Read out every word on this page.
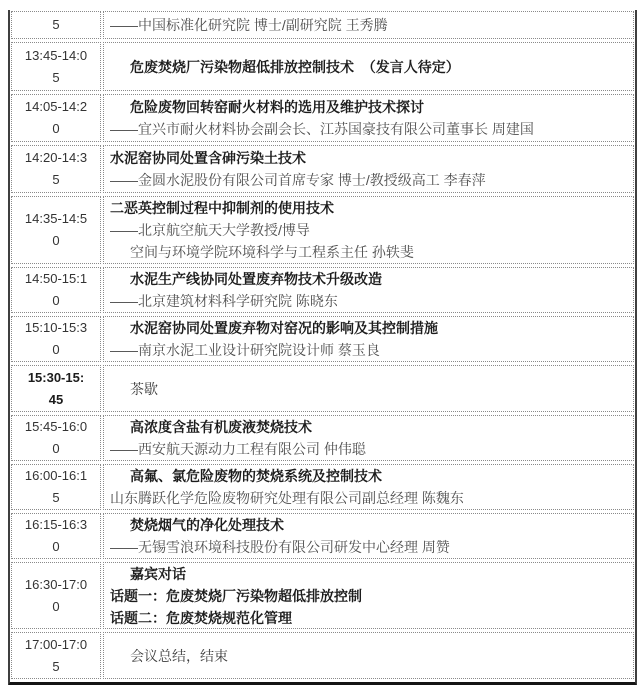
5	——中国标准化研究院 博士/副研究院 王秀腾
13:45-14:0
5
危废焚烧厂污染物超低排放控制技术  （发言人待定）
14:05-14:2
0
危险废物回转窑耐火材料的选用及维护技术探讨
——宜兴市耐火材料协会副会长、江苏国豪技有限公司董事长 周建国
14:20-14:3
5
水泥窑协同处置含砷污染土技术
——金圆水泥股份有限公司首席专家 博士/教授级高工 李春萍
14:35-14:5
0
二恶英控制过程中抑制剂的使用技术
——北京航空航天大学教授/博导
空间与环境学院环境科学与工程系主任 孙轶斐
14:50-15:1
0
水泥生产线协同处置废弃物技术升级改造
——北京建筑材料科学研究院 陈晓东
15:10-15:3
0
水泥窑协同处置废弃物对窑况的影响及其控制措施
——南京水泥工业设计研究院设计师 蔡玉良
15:30-15:
45
茶歇
15:45-16:0
0
高浓度含盐有机废液焚烧技术
——西安航天源动力工程有限公司 仲伟聪
16:00-16:1
5
高氟、氯危险废物的焚烧系统及控制技术
山东腾跃化学危险废物研究处理有限公司副总经理 陈魏东
16:15-16:3
0
焚烧烟气的净化处理技术
——无锡雪浪环境科技股份有限公司研发中心经理 周赞
16:30-17:0
0
嘉宾对话
话题一：危废焚烧厂污染物超低排放控制
话题二：危废焚烧规范化管理
17:00-17:0
5
会议总结，结束
